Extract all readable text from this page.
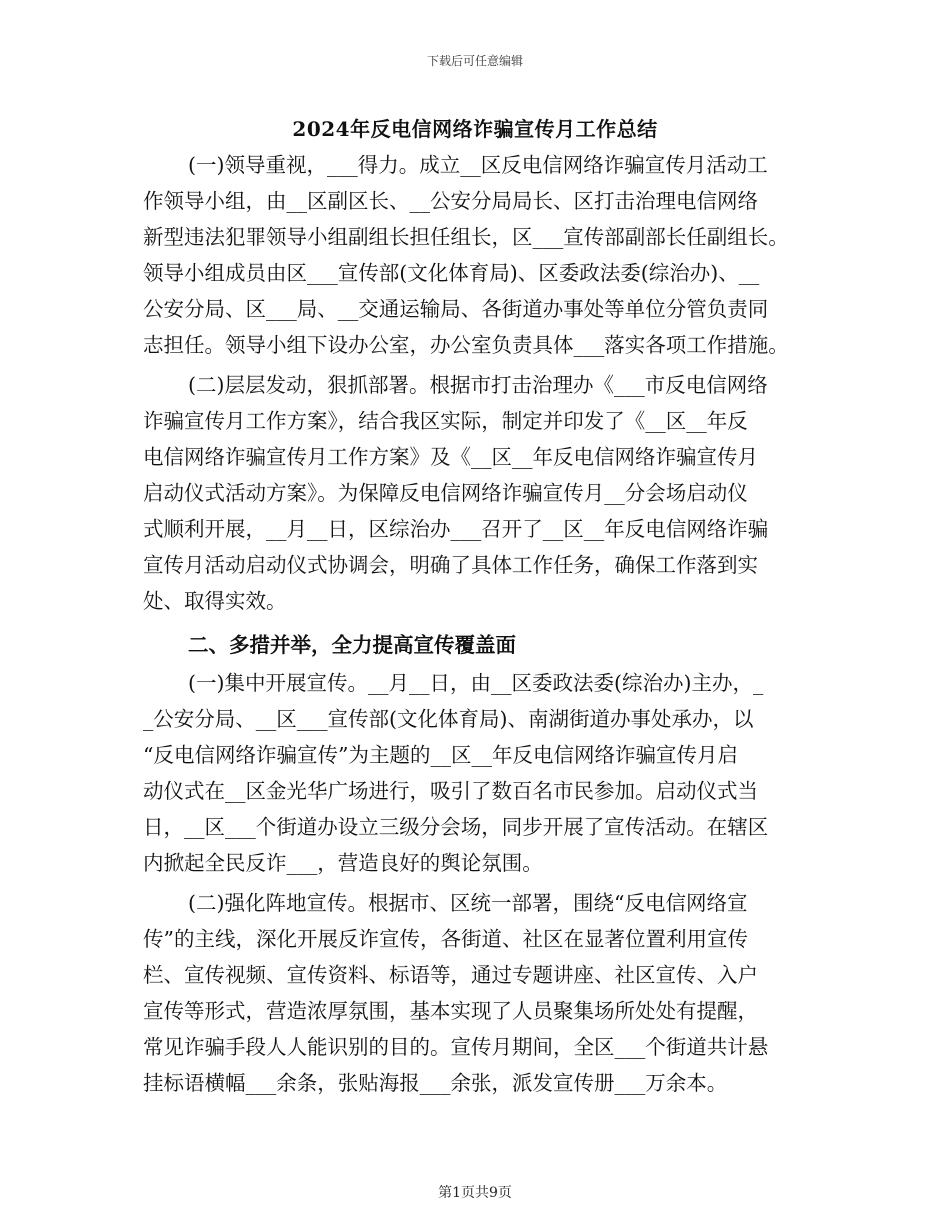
下载后可任意编辑
2024年反电信网络诈骗宣传月工作总结
(一)领导重视，___得力。成立__区反电信网络诈骗宣传月活动工
作领导小组，由__区副区长、__公安分局局长、区打击治理电信网络
新型违法犯罪领导小组副组长担任组长，区___宣传部副部长任副组长。
领导小组成员由区___宣传部(文化体育局)、区委政法委(综治办)、__
公安分局、区___局、__交通运输局、各街道办事处等单位分管负责同
志担任。领导小组下设办公室，办公室负责具体___落实各项工作措施。
(二)层层发动，狠抓部署。根据市打击治理办《___市反电信网络
诈骗宣传月工作方案》，结合我区实际，制定并印发了《__区__年反
电信网络诈骗宣传月工作方案》及《__区__年反电信网络诈骗宣传月
启动仪式活动方案》。为保障反电信网络诈骗宣传月__分会场启动仪
式顺利开展，__月__日，区综治办___召开了__区__年反电信网络诈骗
宣传月活动启动仪式协调会，明确了具体工作任务，确保工作落到实
处、取得实效。
二、多措并举，全力提高宣传覆盖面
(一)集中开展宣传。__月__日，由__区委政法委(综治办)主办，_
_公安分局、__区___宣传部(文化体育局)、南湖街道办事处承办，以
“反电信网络诈骗宣传”为主题的__区__年反电信网络诈骗宣传月启
动仪式在__区金光华广场进行，吸引了数百名市民参加。启动仪式当
日，__区___个街道办设立三级分会场，同步开展了宣传活动。在辖区
内掀起全民反诈___，营造良好的舆论氛围。
(二)强化阵地宣传。根据市、区统一部署，围绕“反电信网络宣
传”的主线，深化开展反诈宣传，各街道、社区在显著位置利用宣传
栏、宣传视频、宣传资料、标语等，通过专题讲座、社区宣传、入户
宣传等形式，营造浓厚氛围，基本实现了人员聚集场所处处有提醒，
常见诈骗手段人人能识别的目的。宣传月期间，全区___个街道共计悬
挂标语横幅___余条，张贴海报___余张，派发宣传册___万余本。
第1页共9页
